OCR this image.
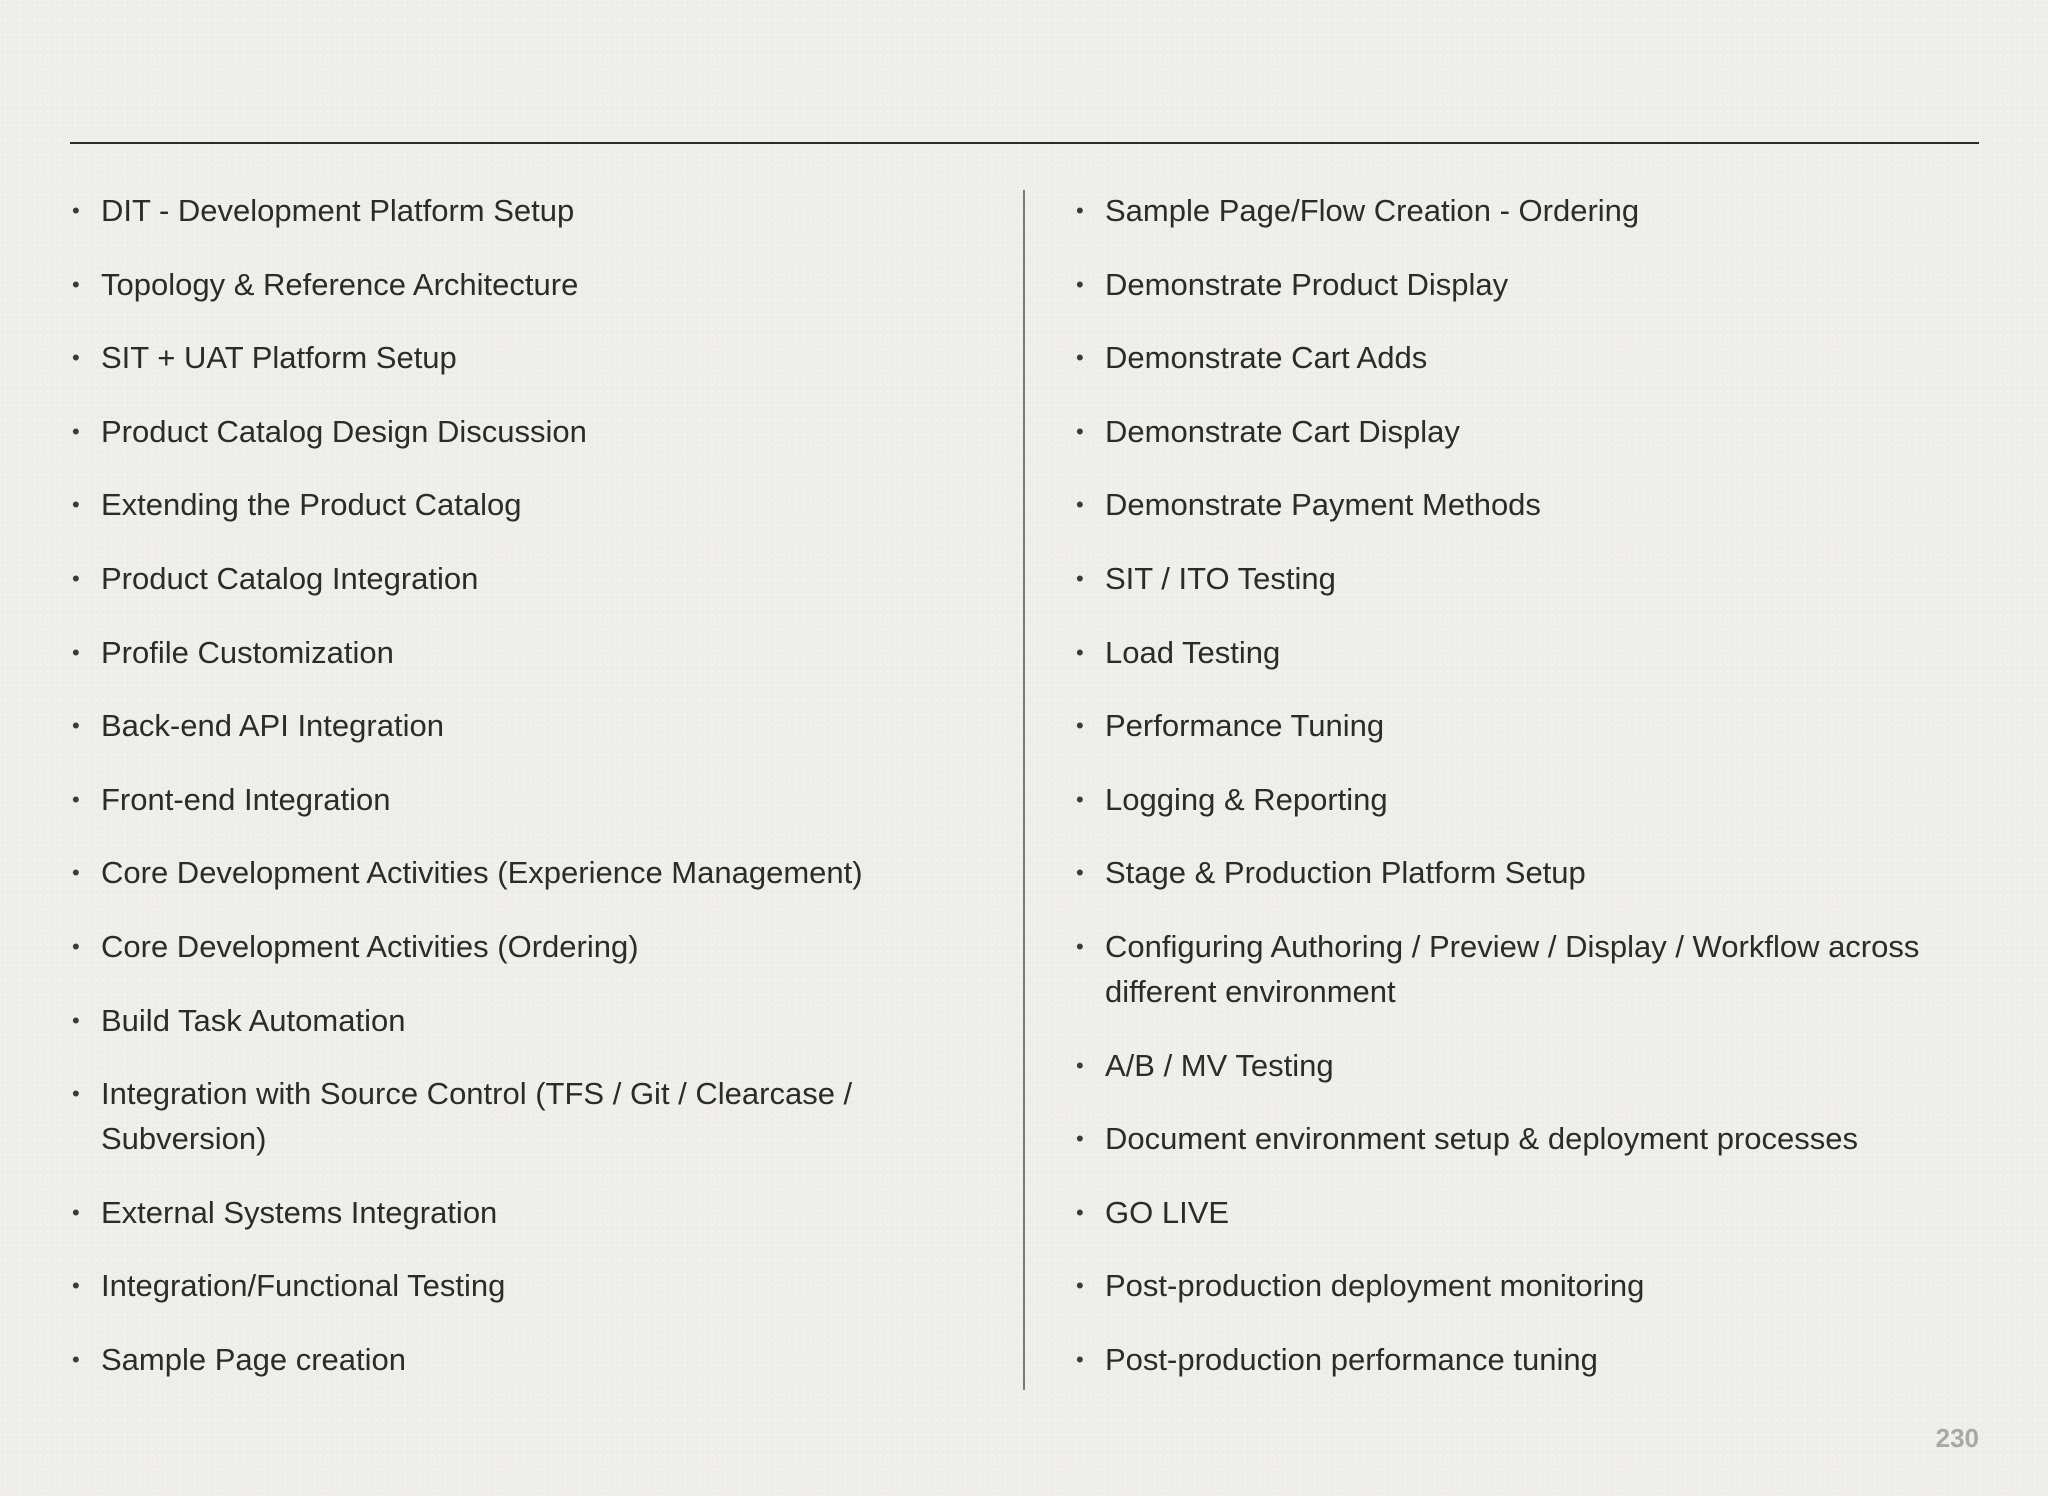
• DIT - Development Platform Setup
• Topology & Reference Architecture
• SIT + UAT Platform Setup
• Product Catalog Design Discussion
• Extending the Product Catalog
• Product Catalog Integration
• Profile Customization
• Back-end API Integration
• Front-end Integration
• Core Development Activities (Experience Management)
• Core Development Activities (Ordering)
• Build Task Automation
• Integration with Source Control (TFS / Git / Clearcase / Subversion)
• External Systems Integration
• Integration/Functional Testing
• Sample Page creation
• Sample Page/Flow Creation - Ordering
• Demonstrate Product Display
• Demonstrate Cart Adds
• Demonstrate Cart Display
• Demonstrate Payment Methods
• SIT / ITO Testing
• Load Testing
• Performance Tuning
• Logging & Reporting
• Stage & Production Platform Setup
• Configuring Authoring / Preview / Display / Workflow across different environment
• A/B / MV Testing
• Document environment setup & deployment processes
• GO LIVE
• Post-production deployment monitoring
• Post-production performance tuning
230
